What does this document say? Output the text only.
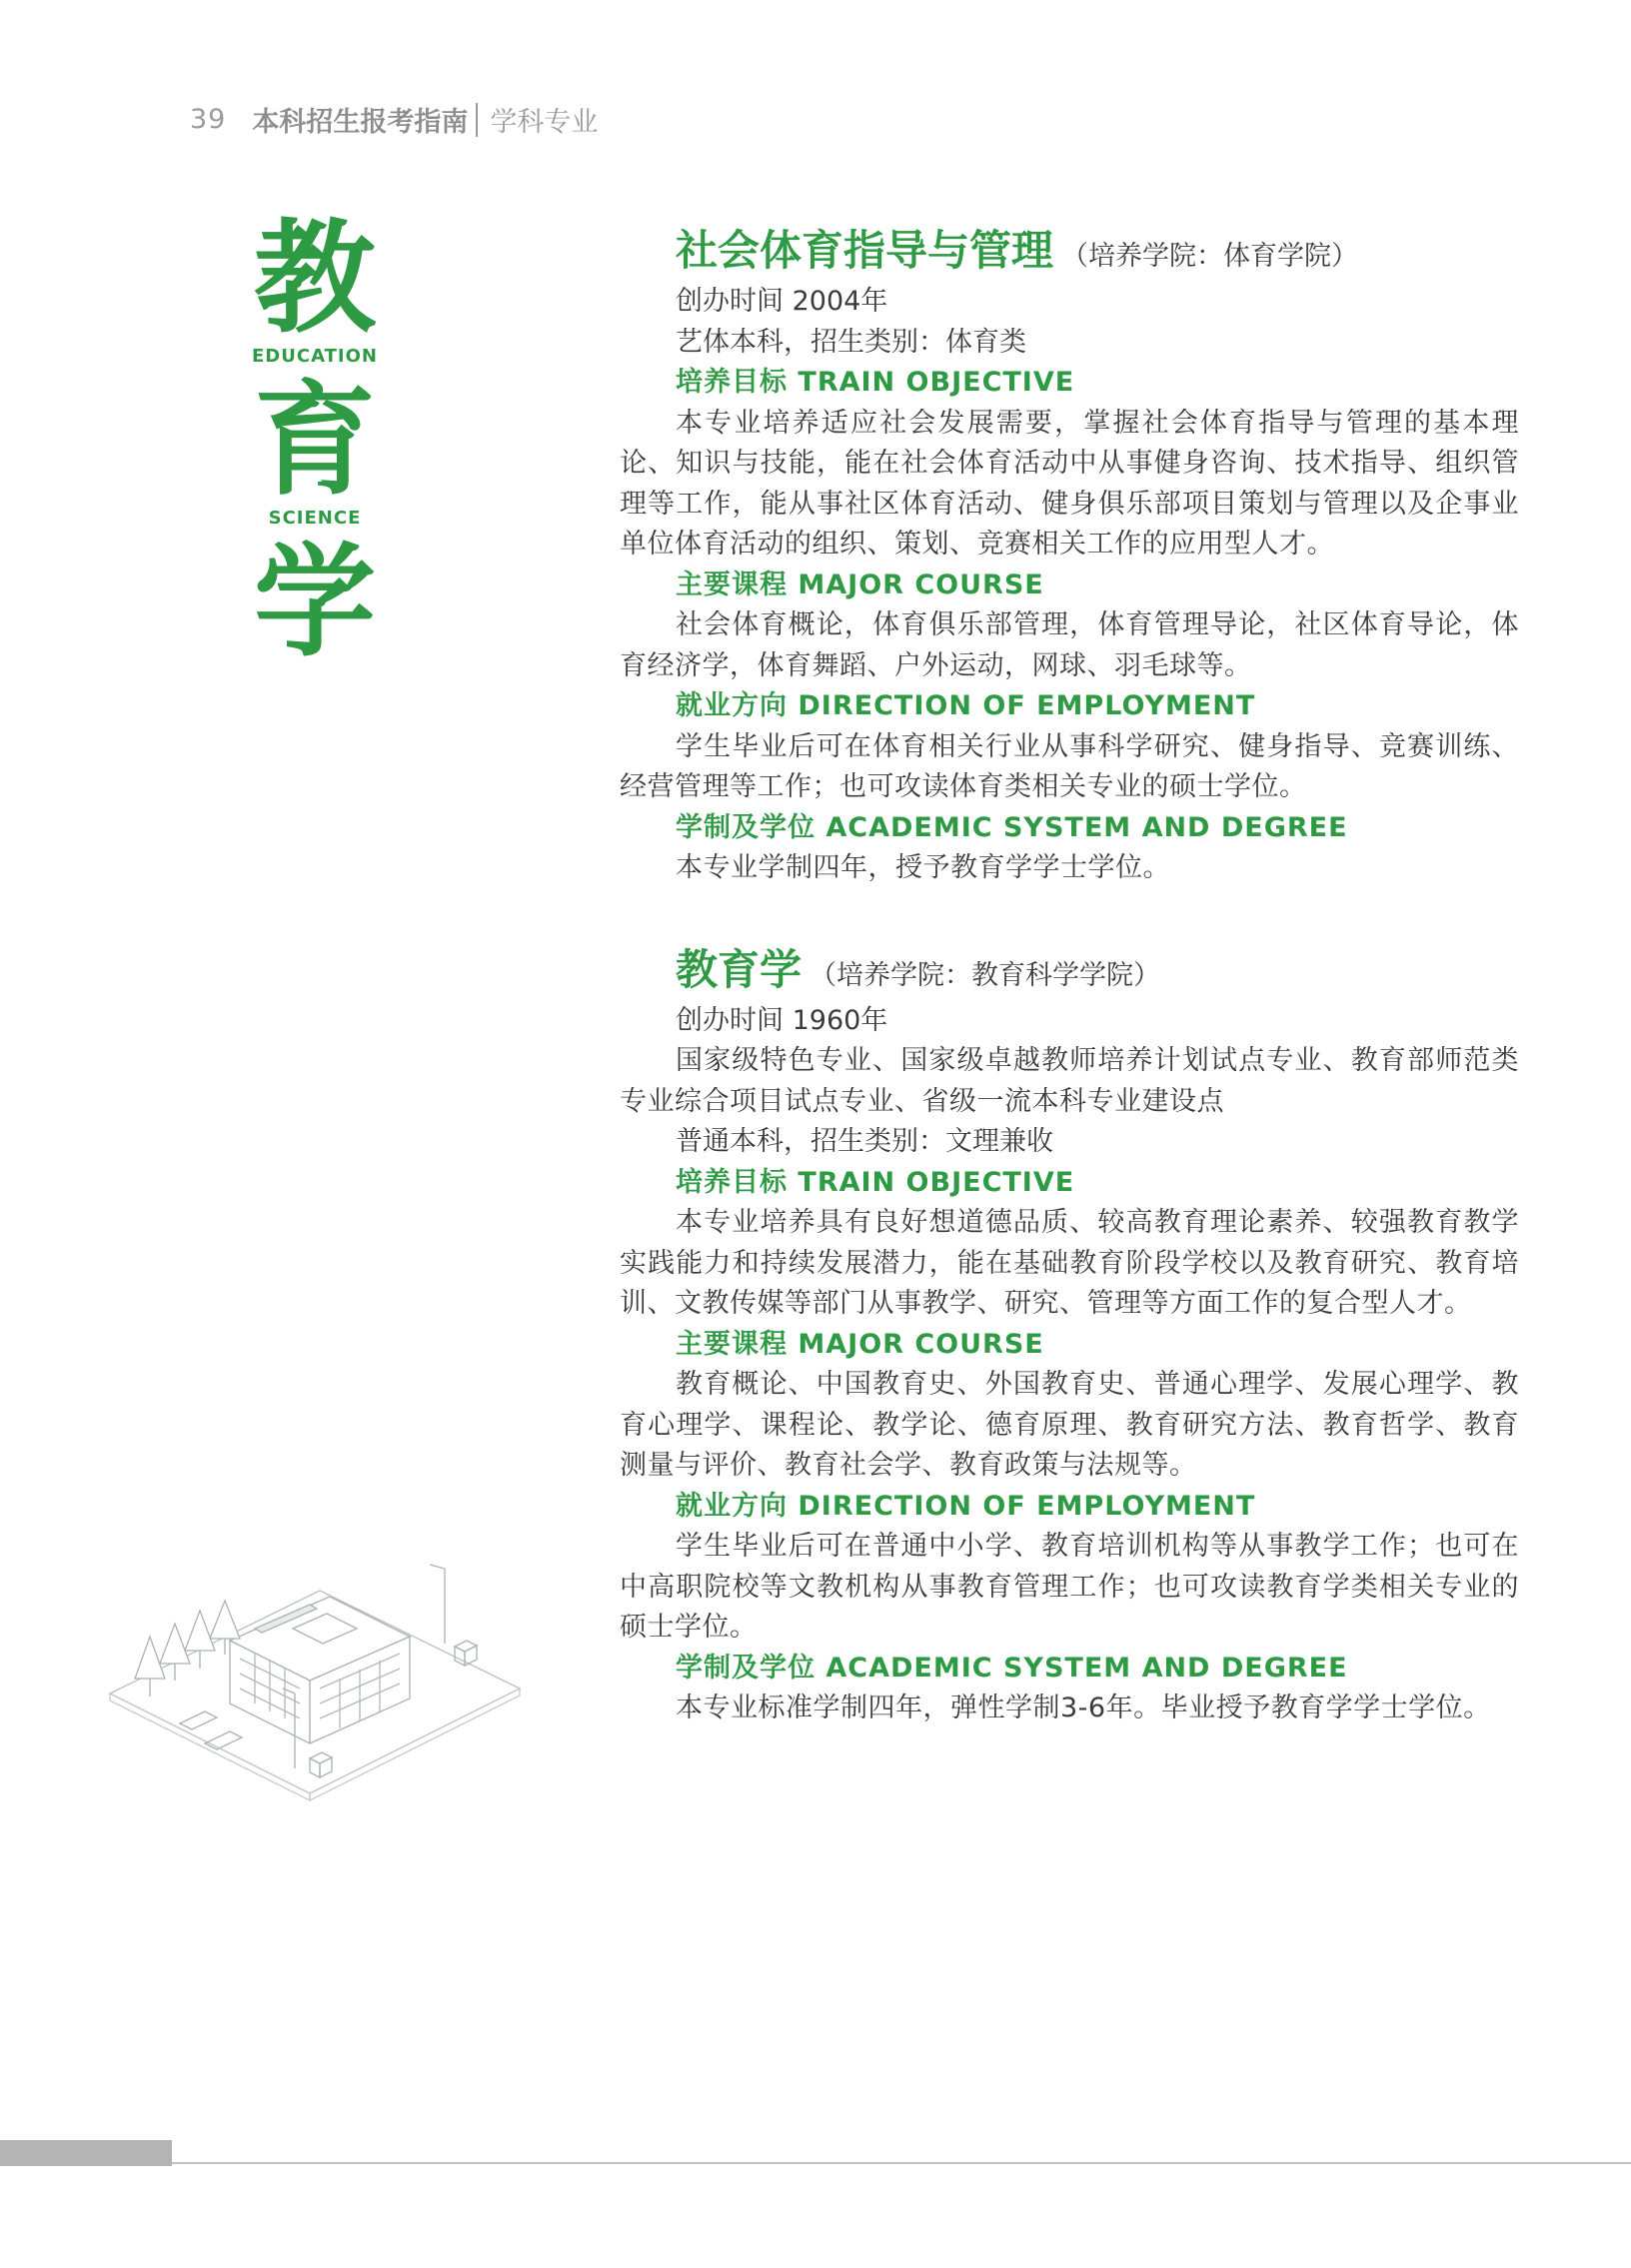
39 本科招生报考指南 学科专业
教
EDUCATION
育
SCIENCE
学
社会体育指导与管理 （培养学院：体育学院）
创办时间 2004年
艺体本科，招生类别：体育类
培养目标 TRAIN OBJECTIVE
本专业培养适应社会发展需要，掌握社会体育指导与管理的基本理论、知识与技能，能在社会体育活动中从事健身咨询、技术指导、组织管理等工作，能从事社区体育活动、健身俱乐部项目策划与管理以及企事业单位体育活动的组织、策划、竞赛相关工作的应用型人才。
主要课程 MAJOR COURSE
社会体育概论，体育俱乐部管理，体育管理导论，社区体育导论，体育经济学，体育舞蹈、户外运动，网球、羽毛球等。
就业方向 DIRECTION OF EMPLOYMENT
学生毕业后可在体育相关行业从事科学研究、健身指导、竞赛训练、经营管理等工作；也可攻读体育类相关专业的硕士学位。
学制及学位 ACADEMIC SYSTEM AND DEGREE
本专业学制四年，授予教育学学士学位。
教育学 （培养学院：教育科学学院）
创办时间 1960年
国家级特色专业、国家级卓越教师培养计划试点专业、教育部师范类专业综合项目试点专业、省级一流本科专业建设点
普通本科，招生类别：文理兼收
培养目标 TRAIN OBJECTIVE
本专业培养具有良好想道德品质、较高教育理论素养、较强教育教学实践能力和持续发展潜力，能在基础教育阶段学校以及教育研究、教育培训、文教传媒等部门从事教学、研究、管理等方面工作的复合型人才。
主要课程 MAJOR COURSE
教育概论、中国教育史、外国教育史、普通心理学、发展心理学、教育心理学、课程论、教学论、德育原理、教育研究方法、教育哲学、教育测量与评价、教育社会学、教育政策与法规等。
就业方向 DIRECTION OF EMPLOYMENT
学生毕业后可在普通中小学、教育培训机构等从事教学工作；也可在中高职院校等文教机构从事教育管理工作；也可攻读教育学类相关专业的硕士学位。
学制及学位 ACADEMIC SYSTEM AND DEGREE
本专业标准学制四年，弹性学制3-6年。毕业授予教育学学士学位。
